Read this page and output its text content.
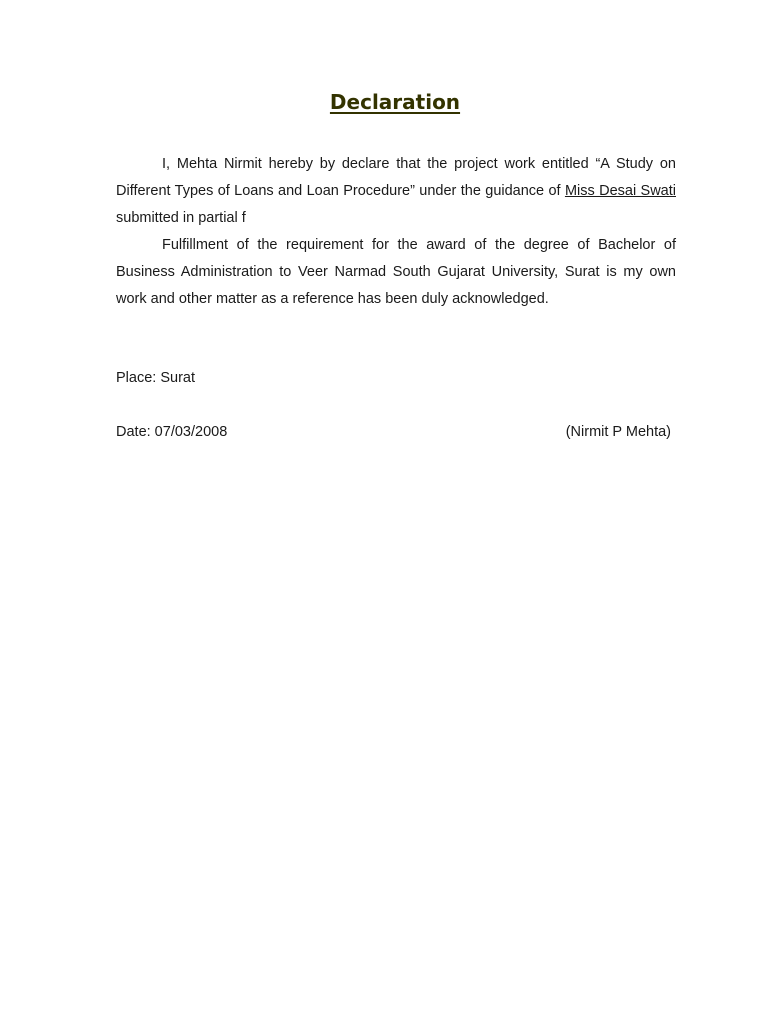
Declaration

I, Mehta Nirmit hereby by declare that the project work entitled “A Study on Different Types of Loans and Loan Procedure” under the guidance of Miss Desai Swati submitted in partial f

Fulfillment of the requirement for the award of the degree of Bachelor of Business Administration to Veer Narmad South Gujarat University, Surat is my own work and other matter as a reference has been duly acknowledged.

Place: Surat
Date: 07/03/2008	(Nirmit P Mehta)
